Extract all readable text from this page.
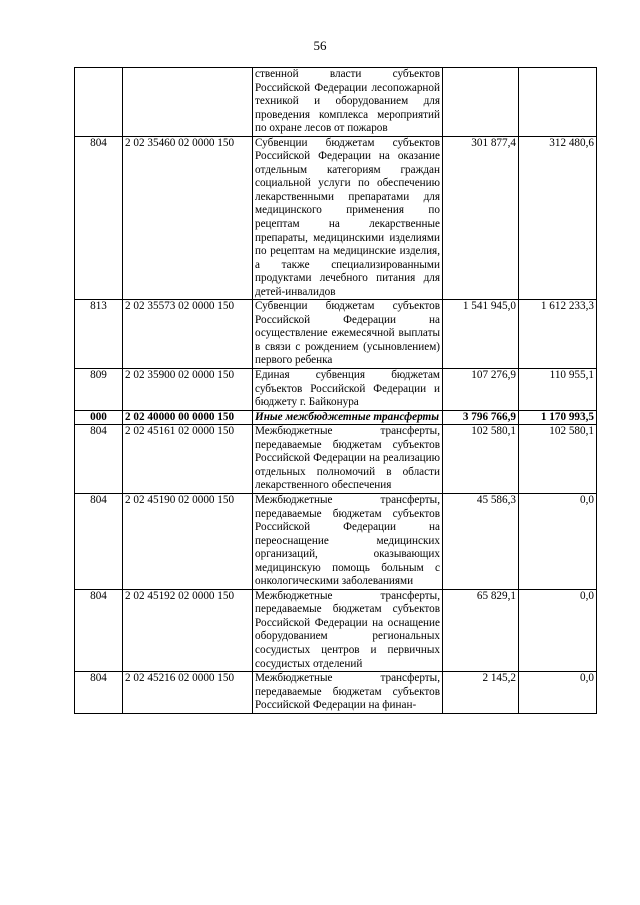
56
		ственной власти субъектов Российской Федерации лесопожарной техникой и оборудованием для проведения комплекса мероприятий по охране лесов от пожаров		
804	2 02 35460 02 0000 150	Субвенции бюджетам субъектов Российской Федерации на оказание отдельным категориям граждан социальной услуги по обеспечению лекарственными препаратами для медицинского применения по рецептам на лекарственные препараты, медицинскими изделиями по рецептам на медицинские изделия, а также специализированными продуктами лечебного питания для детей-инвалидов	301 877,4	312 480,6
813	2 02 35573 02 0000 150	Субвенции бюджетам субъектов Российской Федерации на осуществление ежемесячной выплаты в связи с рождением (усыновлением) первого ребенка	1 541 945,0	1 612 233,3
809	2 02 35900 02 0000 150	Единая субвенция бюджетам субъектов Российской Федерации и бюджету г. Байконура	107 276,9	110 955,1
000	2 02 40000 00 0000 150	Иные межбюджетные трансферты	3 796 766,9	1 170 993,5
804	2 02 45161 02 0000 150	Межбюджетные трансферты, передаваемые бюджетам субъектов Российской Федерации на реализацию отдельных полномочий в области лекарственного обеспечения	102 580,1	102 580,1
804	2 02 45190 02 0000 150	Межбюджетные трансферты, передаваемые бюджетам субъектов Российской Федерации на переоснащение медицинских организаций, оказывающих медицинскую помощь больным с онкологическими заболеваниями	45 586,3	0,0
804	2 02 45192 02 0000 150	Межбюджетные трансферты, передаваемые бюджетам субъектов Российской Федерации на оснащение оборудованием региональных сосудистых центров и первичных сосудистых отделений	65 829,1	0,0
804	2 02 45216 02 0000 150	Межбюджетные трансферты, передаваемые бюджетам субъектов Российской Федерации на финан-	2 145,2	0,0
